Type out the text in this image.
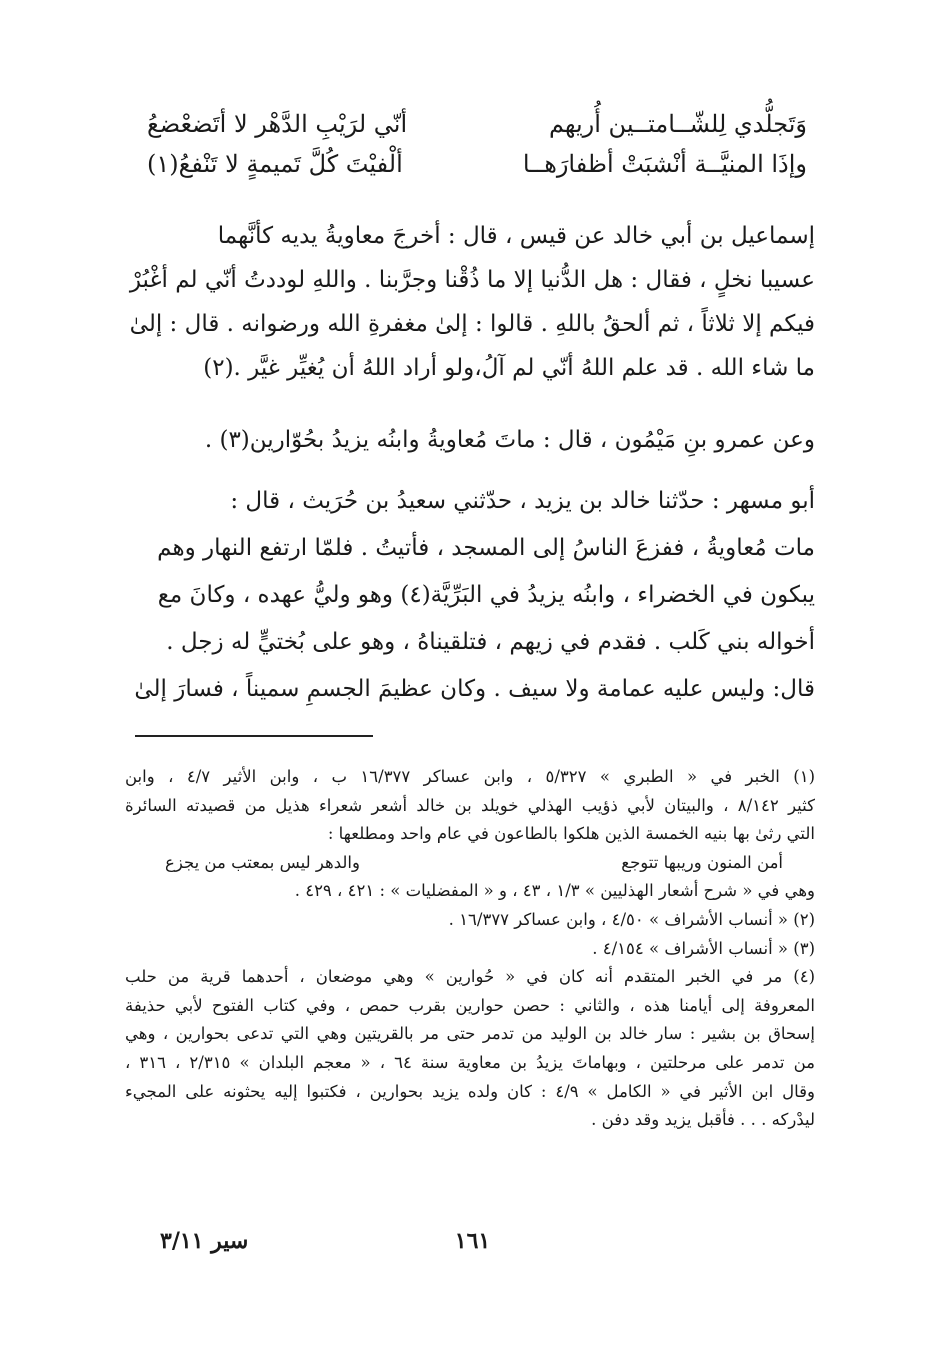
وَتَجلُّدي لِلشّــامتــين أُريهم
أنّي لرَيْبِ الدَّهْر لا أتَضعْضعُ
وإذَا المنيَّــة أنْشبَتْ أظفارَهــا
ألْفيْتَ كُلَّ تَميمةٍ لا تَنْفعُ(١)
إسماعيل بن أبي خالد عن قيس ، قال : أخرجَ معاويةُ يديه كأنَّهما
عسيبا نخلٍ ، فقال : هل الدُّنيا إلا ما ذُقْنا وجرَّبنا . واللهِ لوددتُ أنّي لم أغْبُرْ
فيكم إلا ثلاثاً ، ثم ألحقُ باللهِ . قالوا : إلىٰ مغفرةِ الله ورضوانه . قال : إلىٰ
ما شاء الله . قد علم اللهُ أنّي لم آلُ،ولو أراد اللهُ أن يُغيِّر غيَّر .(٢)
وعن عمرو بنِ مَيْمُون ، قال : ماتَ مُعاويةُ وابنُه يزيدُ بحُوّارين(٣) .
أبو مسهر : حدّثنا خالد بن يزيد ، حدّثني سعيدُ بن حُرَيث ، قال :
مات مُعاويةُ ، ففزعَ الناسُ إلى المسجد ، فأتيتُ . فلمّا ارتفع النهار وهم
يبكون في الخضراء ، وابنُه يزيدُ في البَرِّيَّة(٤) وهو وليُّ عهده ، وكانَ مع
أخواله بني كَلب . فقدم في زيهم ، فتلقيناهُ ، وهو على بُختيٍّ له زجل .
قال: وليس عليه عمامة ولا سيف . وكان عظيمَ الجسمِ سميناً ، فسارَ إلىٰ
(١) الخبر في « الطبري » ٥/٣٢٧ ، وابن عساكر ١٦/٣٧٧ ب ، وابن الأثير ٤/٧ ، وابن
كثير ٨/١٤٢ ، والبيتان لأبي ذؤيب الهذلي خويلد بن خالد أشعر شعراء هذيل من قصيدته السائرة
التي رثىٰ بها بنيه الخمسة الذين هلكوا بالطاعون في عام واحد ومطلعها :
أمن المنون وريبها تتوجع
والدهر ليس بمعتب من يجزع
وهي في « شرح أشعار الهذليين » ١/٣ ، ٤٣ ، و « المفضليات » : ٤٢١ ، ٤٢٩ .
(٢) « أنساب الأشراف » ٤/٥٠ ، وابن عساكر ١٦/٣٧٧ .
(٣) « أنساب الأشراف » ٤/١٥٤ .
(٤) مر في الخبر المتقدم أنه كان في « حُوارين » وهي موضعان ، أحدهما قرية من حلب
المعروفة إلى أيامنا هذه ، والثاني : حصن حوارين بقرب حمص ، وفي كتاب الفتوح لأبي حذيفة
إسحاق بن بشير : سار خالد بن الوليد من تدمر حتى مر بالقريتين وهي التي تدعى بحوارين ، وهي
من تدمر على مرحلتين ، وبهاماتَ يزيدُ بن معاوية سنة ٦٤ ، « معجم البلدان » ٢/٣١٥ ، ٣١٦ ،
وقال ابن الأثير في « الكامل » ٤/٩ : كان ولده يزيد بحوارين ، فكتبوا إليه يحثونه على المجيء
ليدْركه . . . فأقبل يزيد وقد دفن .
١٦١
سير ٣/١١
